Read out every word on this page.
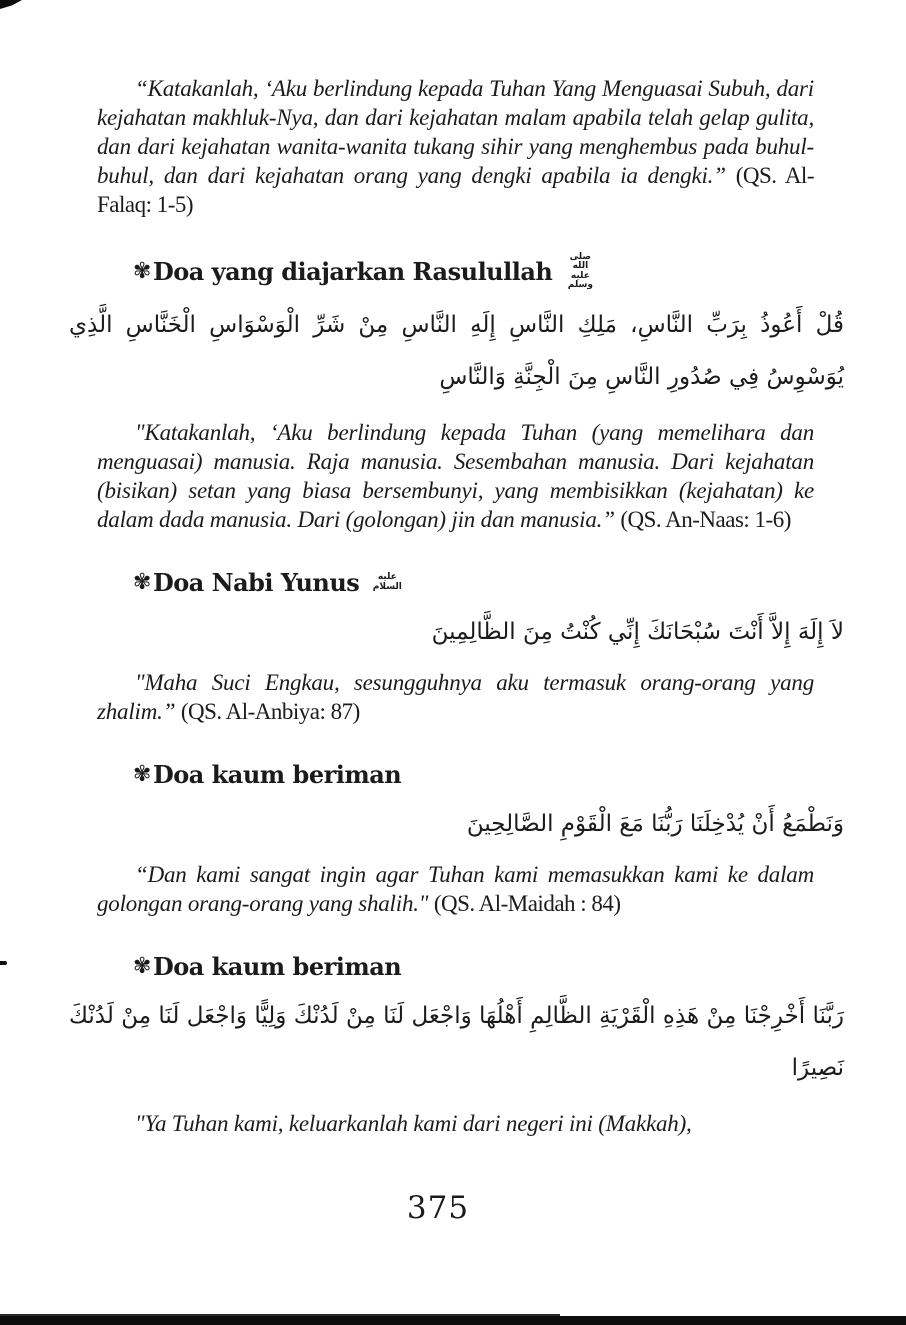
“Katakanlah, ‘Aku berlindung kepada Tuhan Yang Menguasai Subuh, dari kejahatan makhluk-Nya, dan dari kejahatan malam apabila telah gelap gulita, dan dari kejahatan wanita-wanita tukang sihir yang menghembus pada buhul-buhul, dan dari kejahatan orang yang dengki apabila ia dengki.” (QS. Al-Falaq: 1-5)

✾ Doa yang diajarkan Rasulullah	صلى الله عليه وسلم
قُلْ أَعُوذُ بِرَبِّ النَّاسِ، مَلِكِ النَّاسِ إِلَهِ النَّاسِ مِنْ شَرِّ الْوَسْوَاسِ الْخَنَّاسِ الَّذِي يُوَسْوِسُ فِي صُدُورِ النَّاسِ مِنَ الْجِنَّةِ وَالنَّاسِ

"Katakanlah, ‘Aku berlindung kepada Tuhan (yang memelihara dan menguasai) manusia. Raja manusia. Sesembahan manusia. Dari kejahatan (bisikan) setan yang biasa bersembunyi, yang membisikkan (kejahatan) ke dalam dada manusia. Dari (golongan) jin dan manusia.” (QS. An-Naas: 1-6)

✾ Doa Nabi Yunus	عليه السلام
لاَ إِلَهَ إِلاَّ أَنْتَ سُبْحَانَكَ إِنِّي كُنْتُ مِنَ الظَّالِمِينَ

"Maha Suci Engkau, sesungguhnya aku termasuk orang-orang yang zhalim.” (QS. Al-Anbiya: 87)

✾ Doa kaum beriman
وَنَطْمَعُ أَنْ يُدْخِلَنَا رَبُّنَا مَعَ الْقَوْمِ الصَّالِحِينَ

“Dan kami sangat ingin agar Tuhan kami memasukkan kami ke dalam golongan orang-orang yang shalih." (QS. Al-Maidah : 84)

✾ Doa kaum beriman
رَبَّنَا أَخْرِجْنَا مِنْ هَذِهِ الْقَرْيَةِ الظَّالِمِ أَهْلُهَا وَاجْعَل لَنَا مِنْ لَدُنْكَ وَلِيًّا وَاجْعَل لَنَا مِنْ لَدُنْكَ نَصِيرًا

"Ya Tuhan kami, keluarkanlah kami dari negeri ini (Makkah),

375
